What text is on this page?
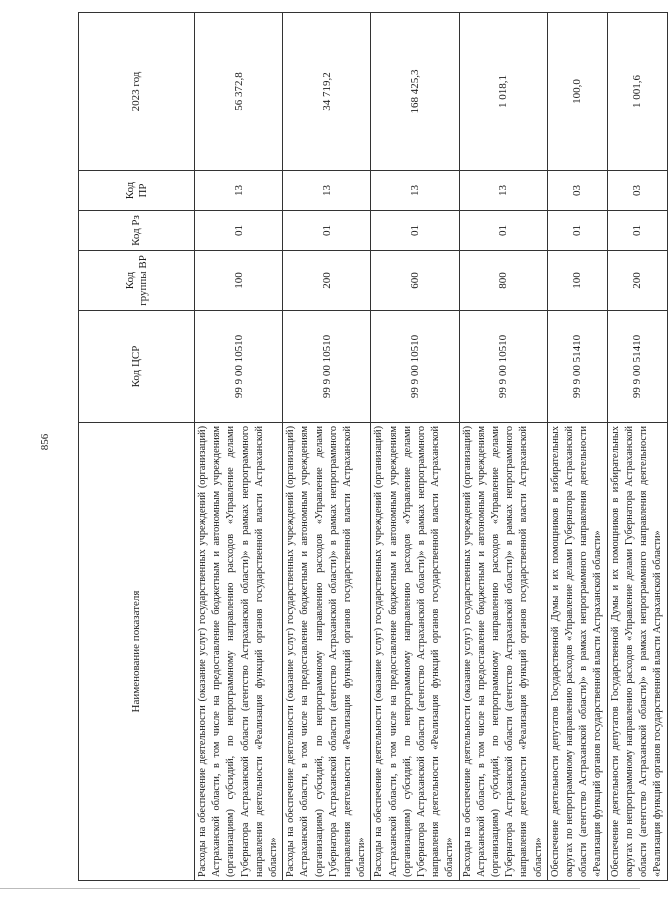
856
Наименование показателя	Код ЦСР	Код группы ВР	Код Рз	Код ПР	2023 год
Расходы на обеспечение деятельности (оказание услуг) государственных учреждений (организаций) Астраханской области, в том числе на предоставление бюджетным и автономным учреждениям (организациям) субсидий, по непрограммному направлению расходов «Управление делами Губернатора Астраханской области (агентство Астраханской области)» в рамках непрограммного направления деятельности «Реализация функций органов государственной власти Астраханской области»	99 9 00 10510	100	01	13	56 372,8
Расходы на обеспечение деятельности (оказание услуг) государственных учреждений (организаций) Астраханской области, в том числе на предоставление бюджетным и автономным учреждениям (организациям) субсидий, по непрограммному направлению расходов «Управление делами Губернатора Астраханской области (агентство Астраханской области)» в рамках непрограммного направления деятельности «Реализация функций органов государственной власти Астраханской области»	99 9 00 10510	200	01	13	34 719,2
Расходы на обеспечение деятельности (оказание услуг) государственных учреждений (организаций) Астраханской области, в том числе на предоставление бюджетным и автономным учреждениям (организациям) субсидий, по непрограммному направлению расходов «Управление делами Губернатора Астраханской области (агентство Астраханской области)» в рамках непрограммного направления деятельности «Реализация функций органов государственной власти Астраханской области»	99 9 00 10510	600	01	13	168 425,3
Расходы на обеспечение деятельности (оказание услуг) государственных учреждений (организаций) Астраханской области, в том числе на предоставление бюджетным и автономным учреждениям (организациям) субсидий, по непрограммному направлению расходов «Управление делами Губернатора Астраханской области (агентство Астраханской области)» в рамках непрограммного направления деятельности «Реализация функций органов государственной власти Астраханской области»	99 9 00 10510	800	01	13	1 018,1
Обеспечение деятельности депутатов Государственной Думы и их помощников в избирательных округах по непрограммному направлению расходов «Управление делами Губернатора Астраханской области (агентство Астраханской области)» в рамках непрограммного направления деятельности «Реализация функций органов государственной власти Астраханской области»	99 9 00 51410	100	01	03	100,0
Обеспечение деятельности депутатов Государственной Думы и их помощников в избирательных округах по непрограммному направлению расходов «Управление делами Губернатора Астраханской области (агентство Астраханской области)» в рамках непрограммного направления деятельности «Реализация функций органов государственной власти Астраханской области»	99 9 00 51410	200	01	03	1 001,6
